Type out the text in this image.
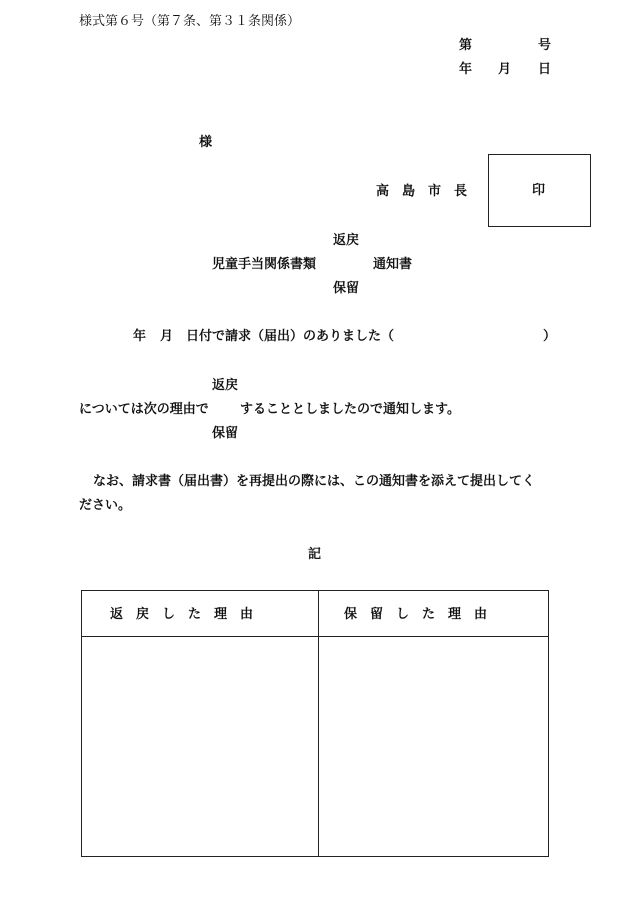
様式第６号（第７条、第３１条関係）
第	号
年 月 日
様
高　島　市　長	印
返戻
児童手当関係書類	通知書
保留
年 月 日付で請求（届出）のありました（	）
返戻
については次の理由で することとしましたので通知します。
保留
なお、請求書（届出書）を再提出の際には、この通知書を添えて提出してく
ださい。
記
返　戻　し　た　理　由	保　留　し　た　理　由
